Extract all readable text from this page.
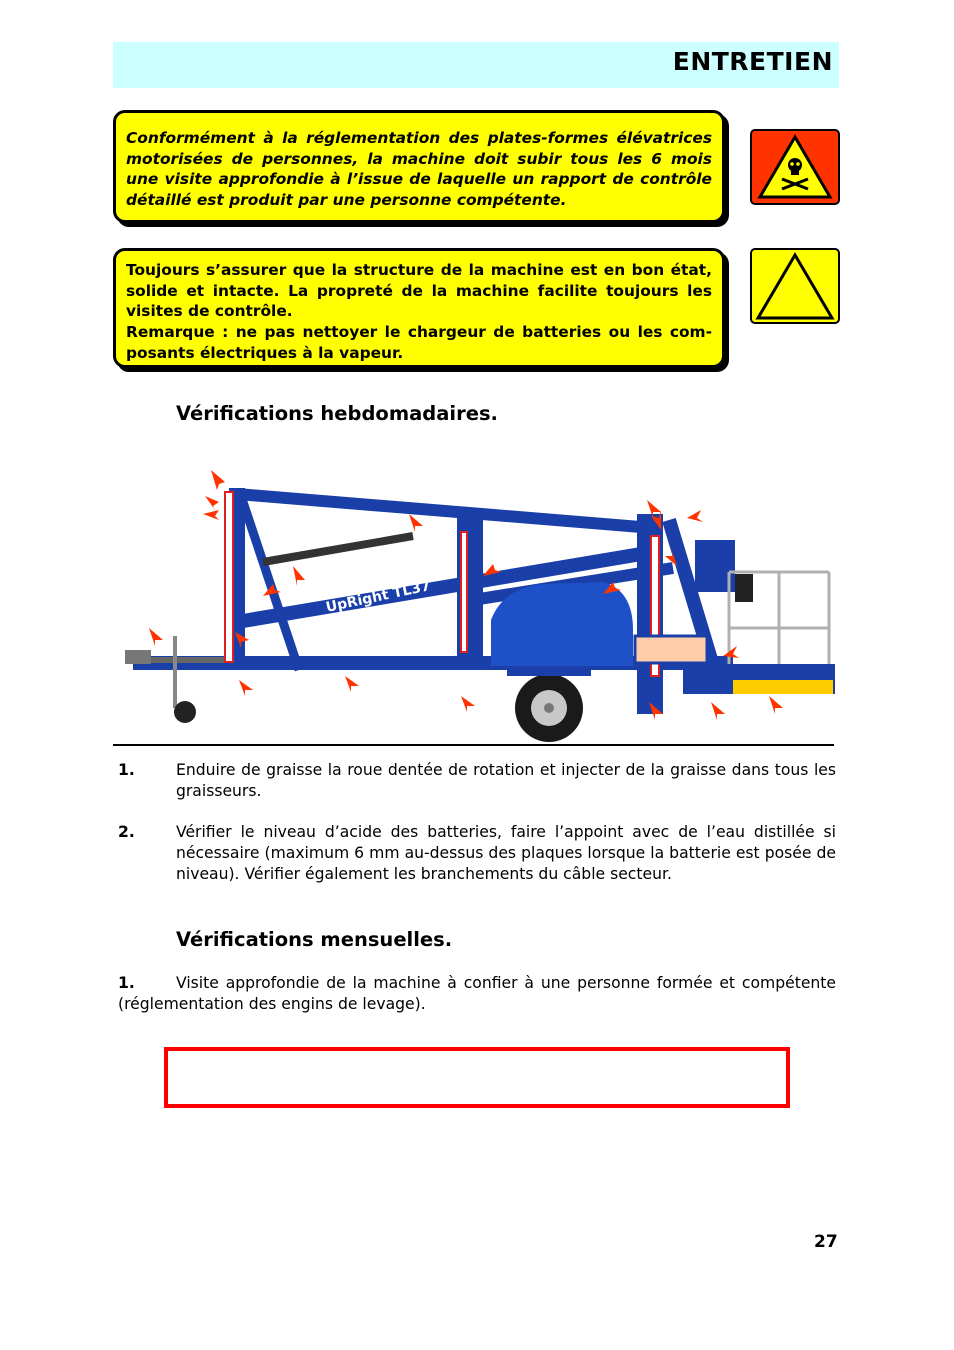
ENTRETIEN

Conformément à la réglementation des plates-formes élévatrices motorisées de personnes, la machine doit subir tous les 6 mois une visite approfondie à l’issue de laquelle un rapport de contrôle détaillé est produit par une personne compétente.

Toujours s’assurer que la structure de la machine est en bon état, solide et intacte. La propreté de la machine facilite toujours les visites de contrôle.

Remarque : ne pas nettoyer le chargeur de batteries ou les com-posants électriques à la vapeur.

Vérifications hebdomadaires.
UpRight TL37
1.	Enduire de graisse la roue dentée de rotation et injecter de la graisse dans tous les graisseurs.
2.	Vérifier le niveau d’acide des batteries, faire l’appoint avec de l’eau distillée si nécessaire (maximum 6 mm au-dessus des plaques lorsque la batterie est posée de niveau). Vérifier également les branchements du câble secteur.
Vérifications mensuelles.
1.	Visite approfondie de la machine à confier à une personne formée et compétente (réglementation des engins de levage).
27
